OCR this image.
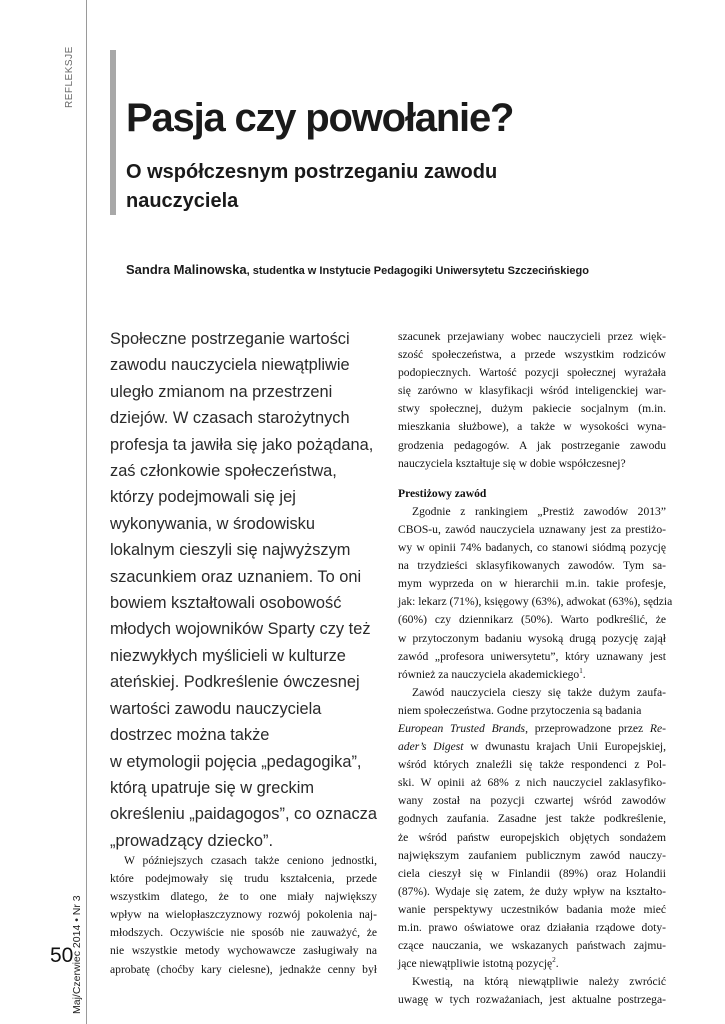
REFLEKSJE
Maj/Czerwiec 2014 • Nr 3
50
Pasja czy powołanie?
O współczesnym postrzeganiu zawodu nauczyciela
Sandra Malinowska, studentka w Instytucie Pedagogiki Uniwersytetu Szczecińskiego
Społeczne postrzeganie wartości
zawodu nauczyciela niewątpliwie
uległo zmianom na przestrzeni
dziejów. W czasach starożytnych
profesja ta jawiła się jako pożądana,
zaś członkowie społeczeństwa,
którzy podejmowali się jej
wykonywania, w środowisku
lokalnym cieszyli się najwyższym
szacunkiem oraz uznaniem. To oni
bowiem kształtowali osobowość
młodych wojowników Sparty czy też
niezwykłych myślicieli w kulturze
ateńskiej. Podkreślenie ówczesnej
wartości zawodu nauczyciela
dostrzec można także
w etymologii pojęcia „pedagogika”,
którą upatruje się w greckim
określeniu „paidagogos”, co oznacza
„prowadzący dziecko”.
W późniejszych czasach także ceniono jednostki,
które podejmowały się trudu kształcenia, przede
wszystkim dlatego, że to one miały największy
wpływ na wielopłaszczyznowy rozwój pokolenia naj-
młodszych. Oczywiście nie sposób nie zauważyć, że
nie wszystkie metody wychowawcze zasługiwały na
aprobatę (choćby kary cielesne), jednakże cenny był
szacunek przejawiany wobec nauczycieli przez więk-
szość społeczeństwa, a przede wszystkim rodziców
podopiecznych. Wartość pozycji społecznej wyrażała
się zarówno w klasyfikacji wśród inteligenckiej war-
stwy społecznej, dużym pakiecie socjalnym (m.in.
mieszkania służbowe), a także w wysokości wyna-
grodzenia pedagogów. A jak postrzeganie zawodu
nauczyciela kształtuje się w dobie współczesnej?
Prestiżowy zawód
Zgodnie z rankingiem „Prestiż zawodów 2013”
CBOS-u, zawód nauczyciela uznawany jest za prestiżo-
wy w opinii 74% badanych, co stanowi siódmą pozycję
na trzydzieści sklasyfikowanych zawodów. Tym sa-
mym wyprzeda on w hierarchii m.in. takie profesje,
jak: lekarz (71%), księgowy (63%), adwokat (63%), sędzia
(60%) czy dziennikarz (50%). Warto podkreślić, że
w przytoczonym badaniu wysoką drugą pozycję zajął
zawód „profesora uniwersytetu”, który uznawany jest
również za nauczyciela akademickiego$^1$.
Zawód nauczyciela cieszy się także dużym zaufa-
niem społeczeństwa. Godne przytoczenia są badania
European Trusted Brands, przeprowadzone przez Re-
ader’s Digest w dwunastu krajach Unii Europejskiej,
wśród których znaleźli się także respondenci z Pol-
ski. W opinii aż 68% z nich nauczyciel zaklasyfiko-
wany został na pozycji czwartej wśród zawodów
godnych zaufania. Zasadne jest także podkreślenie,
że wśród państw europejskich objętych sondażem
największym zaufaniem publicznym zawód nauczy-
ciela cieszył się w Finlandii (89%) oraz Holandii
(87%). Wydaje się zatem, że duży wpływ na kształto-
wanie perspektywy uczestników badania może mieć
m.in. prawo oświatowe oraz działania rządowe doty-
czące nauczania, we wskazanych państwach zajmu-
jące niewątpliwie istotną pozycję$^2$.
Kwestią, na którą niewątpliwie należy zwrócić
uwagę w tych rozważaniach, jest aktualne postrzega-
